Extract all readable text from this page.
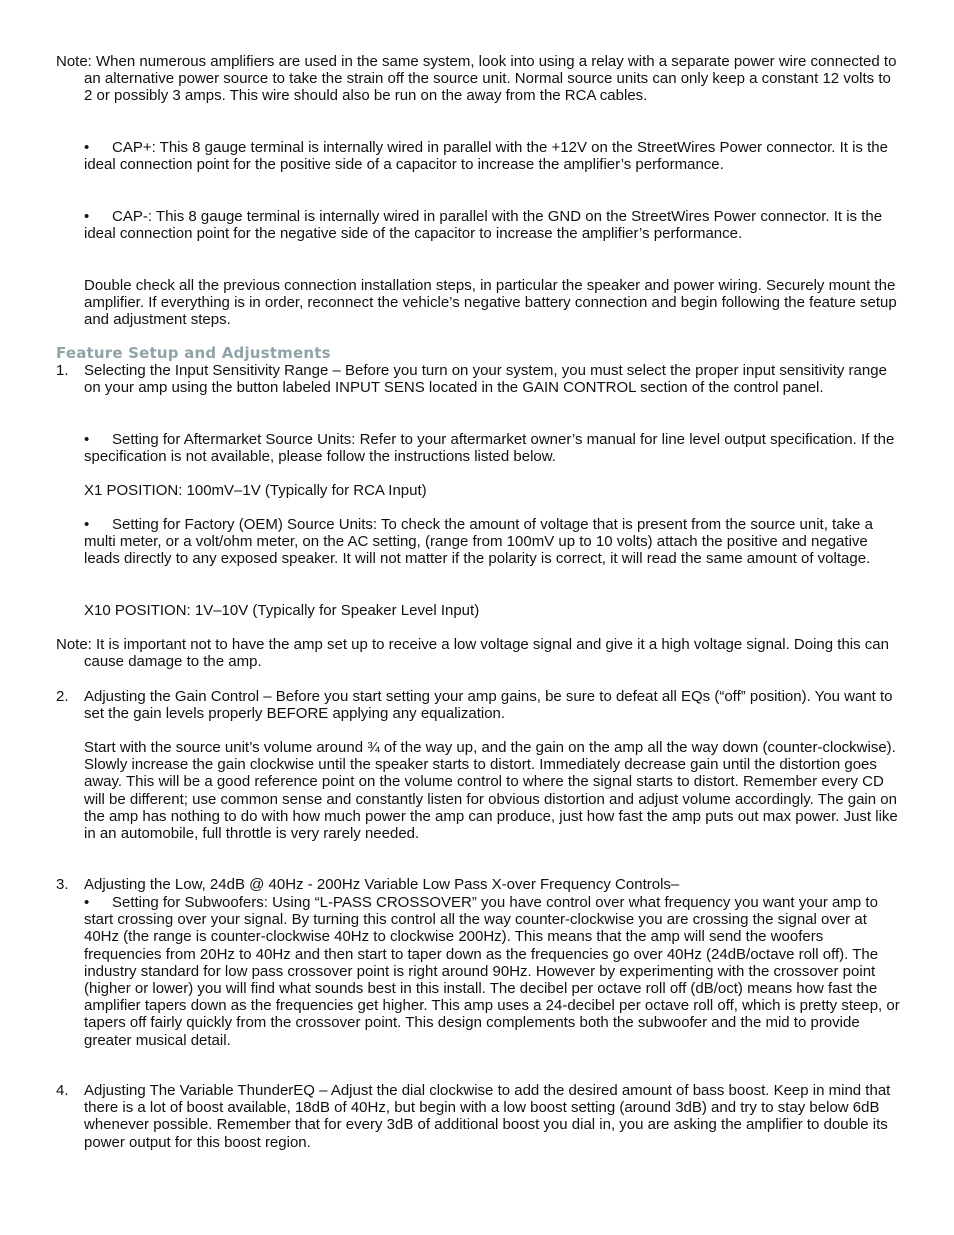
Note: When numerous amplifiers are used in the same system, look into using a relay with a separate power wire connected to an alternative power source to take the strain off the source unit. Normal source units can only keep a constant 12 volts to 2 or possibly 3 amps. This wire should also be run on the away from the RCA cables.

• CAP+: This 8 gauge terminal is internally wired in parallel with the +12V on the StreetWires Power connector. It is the ideal connection point for the positive side of a capacitor to increase the amplifier’s performance.

• CAP-: This 8 gauge terminal is internally wired in parallel with the GND on the StreetWires Power connector. It is the ideal connection point for the negative side of the capacitor to increase the amplifier’s performance.

Double check all the previous connection installation steps, in particular the speaker and power wiring. Securely mount the amplifier. If everything is in order, reconnect the vehicle’s negative battery connection and begin following the feature setup and adjustment steps.

Feature Setup and Adjustments

1. Selecting the Input Sensitivity Range – Before you turn on your system, you must select the proper input sensitivity range on your amp using the button labeled INPUT SENS located in the GAIN CONTROL section of the control panel.

• Setting for Aftermarket Source Units: Refer to your aftermarket owner’s manual for line level output specification. If the specification is not available, please follow the instructions listed below.

X1 POSITION: 100mV–1V (Typically for RCA Input)

• Setting for Factory (OEM) Source Units: To check the amount of voltage that is present from the source unit, take a multi meter, or a volt/ohm meter, on the AC setting, (range from 100mV up to 10 volts) attach the positive and negative leads directly to any exposed speaker. It will not matter if the polarity is correct, it will read the same amount of voltage.

X10 POSITION: 1V–10V (Typically for Speaker Level Input)

Note: It is important not to have the amp set up to receive a low voltage signal and give it a high voltage signal. Doing this can cause damage to the amp.

2. Adjusting the Gain Control – Before you start setting your amp gains, be sure to defeat all EQs (“off” position). You want to set the gain levels properly BEFORE applying any equalization.

Start with the source unit’s volume around ¾ of the way up, and the gain on the amp all the way down (counter-clockwise). Slowly increase the gain clockwise until the speaker starts to distort. Immediately decrease gain until the distortion goes away. This will be a good reference point on the volume control to where the signal starts to distort. Remember every CD will be different; use common sense and constantly listen for obvious distortion and adjust volume accordingly. The gain on the amp has nothing to do with how much power the amp can produce, just how fast the amp puts out max power. Just like in an automobile, full throttle is very rarely needed.

3. Adjusting the Low, 24dB @ 40Hz - 200Hz Variable Low Pass X-over Frequency Controls–

• Setting for Subwoofers: Using “L-PASS CROSSOVER” you have control over what frequency you want your amp to start crossing over your signal. By turning this control all the way counter-clockwise you are crossing the signal over at 40Hz (the range is counter-clockwise 40Hz to clockwise 200Hz). This means that the amp will send the woofers frequencies from 20Hz to 40Hz and then start to taper down as the frequencies go over 40Hz (24dB/octave roll off). The industry standard for low pass crossover point is right around 90Hz. However by experimenting with the crossover point (higher or lower) you will find what sounds best in this install. The decibel per octave roll off (dB/oct) means how fast the amplifier tapers down as the frequencies get higher. This amp uses a 24-decibel per octave roll off, which is pretty steep, or tapers off fairly quickly from the crossover point. This design complements both the subwoofer and the mid to provide greater musical detail.

4. Adjusting The Variable ThunderEQ – Adjust the dial clockwise to add the desired amount of bass boost. Keep in mind that there is a lot of boost available, 18dB of 40Hz, but begin with a low boost setting (around 3dB) and try to stay below 6dB whenever possible. Remember that for every 3dB of additional boost you dial in, you are asking the amplifier to double its power output for this boost region.
